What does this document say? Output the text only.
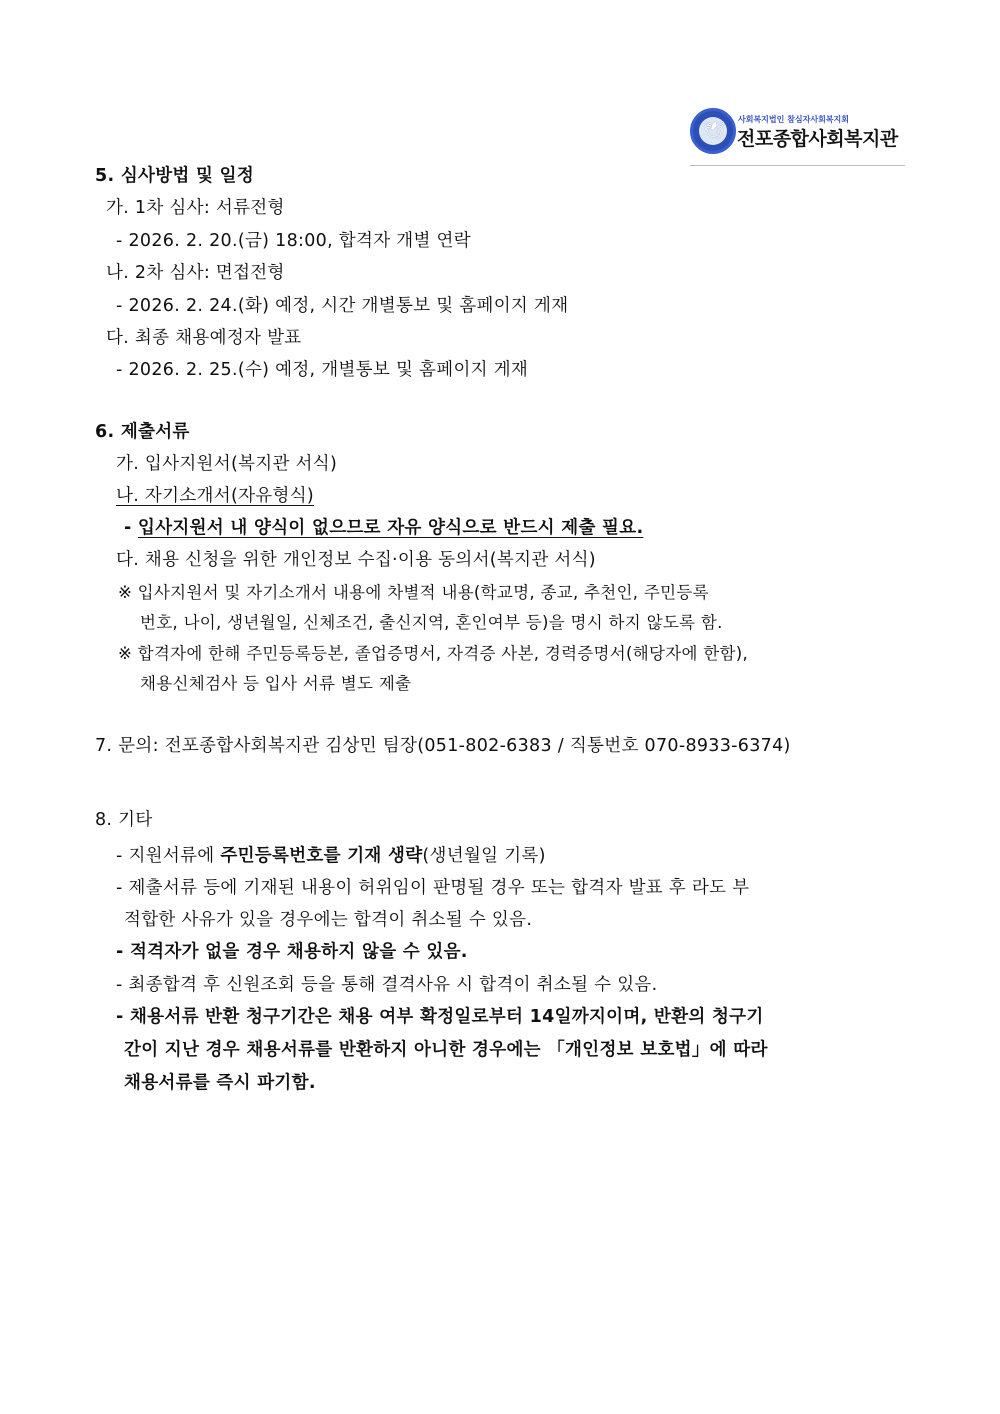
🕊
사회복지법인 참심자사회복지회
전포종합사회복지관
5. 심사방법 및 일정
가. 1차 심사: 서류전형
- 2026. 2. 20.(금) 18:00, 합격자 개별 연락
나. 2차 심사: 면접전형
- 2026. 2. 24.(화) 예정, 시간 개별통보 및 홈페이지 게재
다. 최종 채용예정자 발표
- 2026. 2. 25.(수) 예정, 개별통보 및 홈페이지 게재
6. 제출서류
가. 입사지원서(복지관 서식)
나. 자기소개서(자유형식)
- 입사지원서 내 양식이 없으므로 자유 양식으로 반드시 제출 필요.
다. 채용 신청을 위한 개인정보 수집·이용 동의서(복지관 서식)
※ 입사지원서 및 자기소개서 내용에 차별적 내용(학교명, 종교, 추천인, 주민등록
번호, 나이, 생년월일, 신체조건, 출신지역, 혼인여부 등)을 명시 하지 않도록 함.
※ 합격자에 한해 주민등록등본, 졸업증명서, 자격증 사본, 경력증명서(해당자에 한함),
채용신체검사 등 입사 서류 별도 제출
7. 문의: 전포종합사회복지관 김상민 팀장(051-802-6383 / 직통번호 070-8933-6374)
8. 기타
- 지원서류에 주민등록번호를 기재 생략(생년월일 기록)
- 제출서류 등에 기재된 내용이 허위임이 판명될 경우 또는 합격자 발표 후 라도 부
적합한 사유가 있을 경우에는 합격이 취소될 수 있음.
- 적격자가 없을 경우 채용하지 않을 수 있음.
- 최종합격 후 신원조회 등을 통해 결격사유 시 합격이 취소될 수 있음.
- 채용서류 반환 청구기간은 채용 여부 확정일로부터 14일까지이며, 반환의 청구기
간이 지난 경우 채용서류를 반환하지 아니한 경우에는 「개인정보 보호법」에 따라
채용서류를 즉시 파기함.
